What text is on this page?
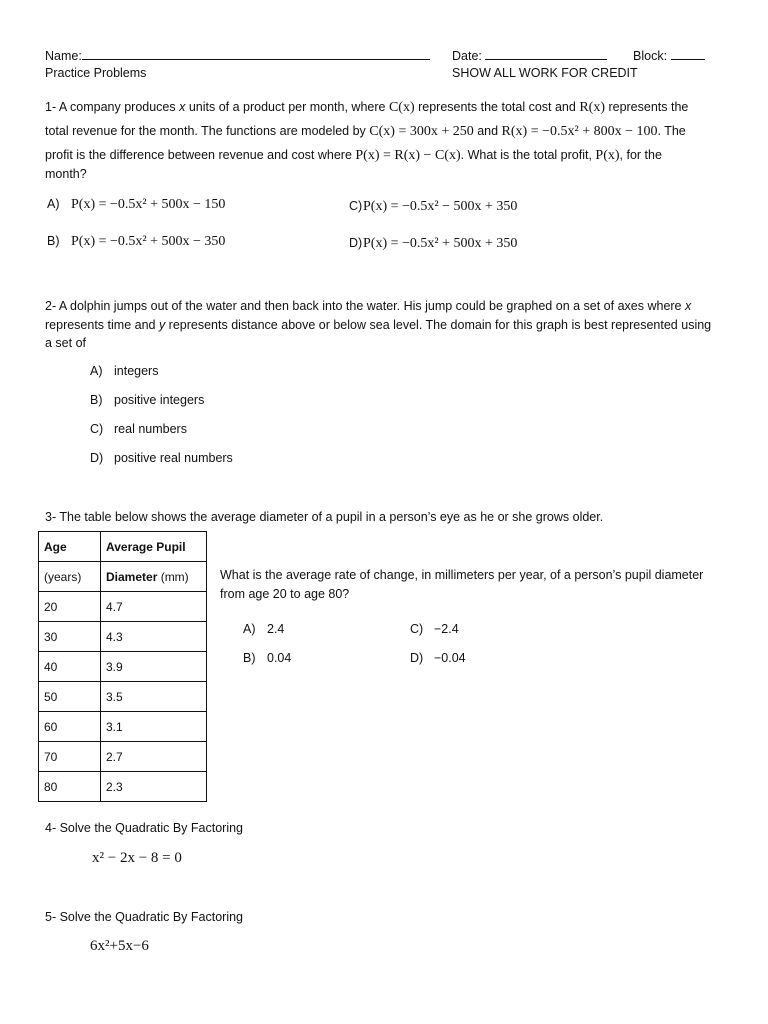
Name:	Date:	Block:
Practice Problems	SHOW ALL WORK FOR CREDIT
1- A company produces x units of a product per month, where C(x) represents the total cost and R(x) represents the
total revenue for the month. The functions are modeled by C(x) = 300x + 250 and R(x) = −0.5x² + 800x − 100. The
profit is the difference between revenue and cost where P(x) = R(x) − C(x). What is the total profit, P(x), for the
month?
A) P(x) = −0.5x² + 500x − 150	C)P(x) = −0.5x² − 500x + 350
B) P(x) = −0.5x² + 500x − 350	D)P(x) = −0.5x² + 500x + 350
2- A dolphin jumps out of the water and then back into the water. His jump could be graphed on a set of axes where x
represents time and y represents distance above or below sea level. The domain for this graph is best represented using
a set of
A) integers
B) positive integers
C) real numbers
D) positive real numbers
3- The table below shows the average diameter of a pupil in a person’s eye as he or she grows older.
Age	Average Pupil
(years)	Diameter (mm)
20	4.7
30	4.3
40	3.9
50	3.5
60	3.1
70	2.7
80	2.3
What is the average rate of change, in millimeters per year, of a person’s pupil diameter
from age 20 to age 80?
A) 2.4	C) −2.4
B) 0.04	D) −0.04
4- Solve the Quadratic By Factoring
x² − 2x − 8 = 0
5- Solve the Quadratic By Factoring
6x²+5x−6
